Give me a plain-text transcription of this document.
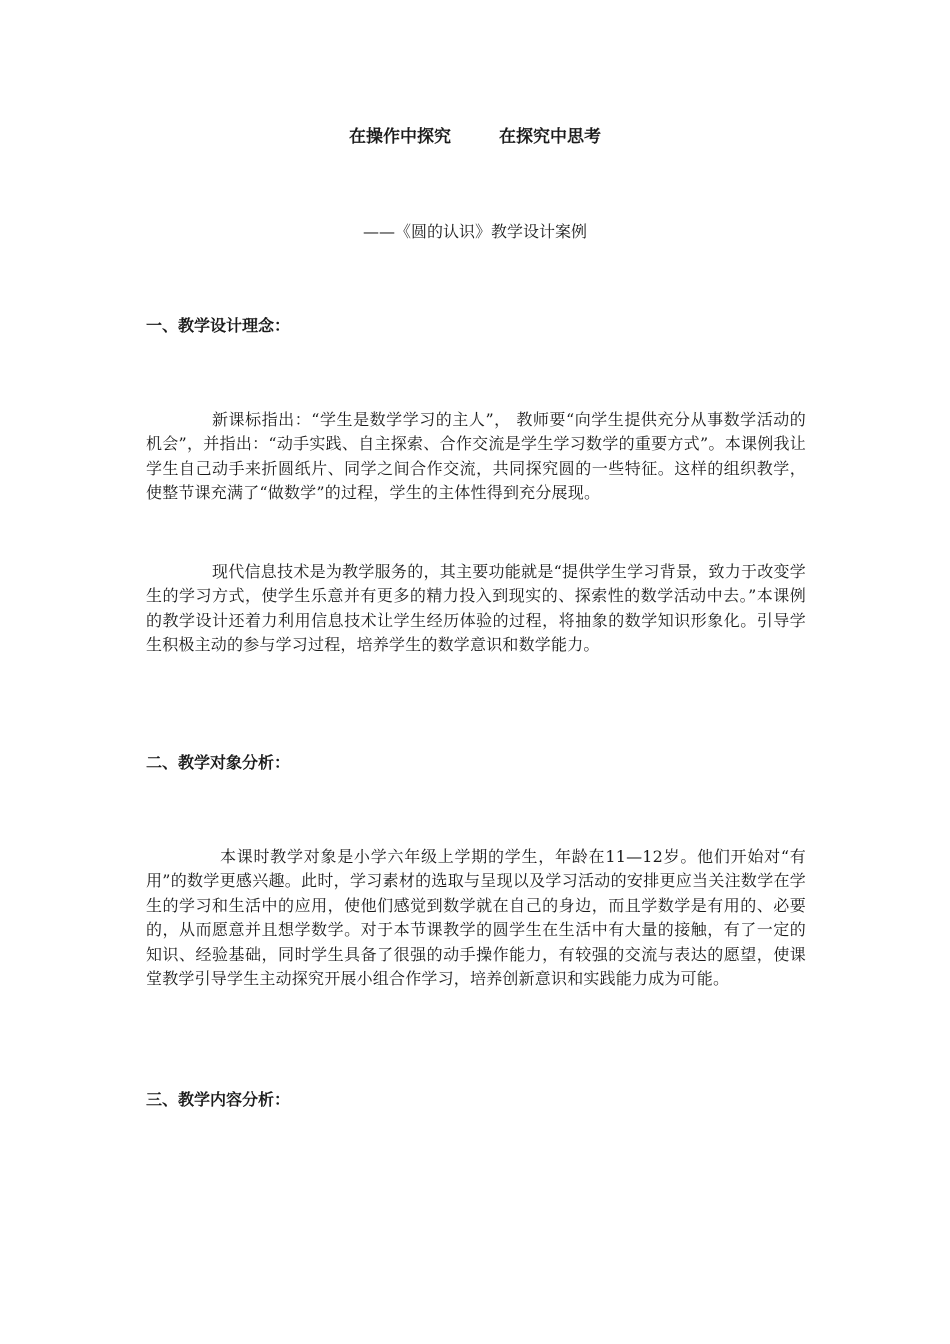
在操作中探究	在探究中思考
——《圆的认识》教学设计案例
一、教学设计理念：

新课标指出：“学生是数学学习的主人”， 教师要“向学生提供充分从事数学活动的机会”，并指出：“动手实践、自主探索、合作交流是学生学习数学的重要方式”。本课例我让学生自己动手来折圆纸片、同学之间合作交流，共同探究圆的一些特征。这样的组织教学，使整节课充满了“做数学”的过程，学生的主体性得到充分展现。

现代信息技术是为教学服务的，其主要功能就是“提供学生学习背景，致力于改变学生的学习方式，使学生乐意并有更多的精力投入到现实的、探索性的数学活动中去。”本课例的教学设计还着力利用信息技术让学生经历体验的过程，将抽象的数学知识形象化。引导学生积极主动的参与学习过程，培养学生的数学意识和数学能力。

二、教学对象分析：

本课时教学对象是小学六年级上学期的学生，年龄在11—12岁。他们开始对“有用”的数学更感兴趣。此时，学习素材的选取与呈现以及学习活动的安排更应当关注数学在学生的学习和生活中的应用，使他们感觉到数学就在自己的身边，而且学数学是有用的、必要的，从而愿意并且想学数学。对于本节课教学的圆学生在生活中有大量的接触，有了一定的知识、经验基础，同时学生具备了很强的动手操作能力，有较强的交流与表达的愿望，使课堂教学引导学生主动探究开展小组合作学习，培养创新意识和实践能力成为可能。

三、教学内容分析：
